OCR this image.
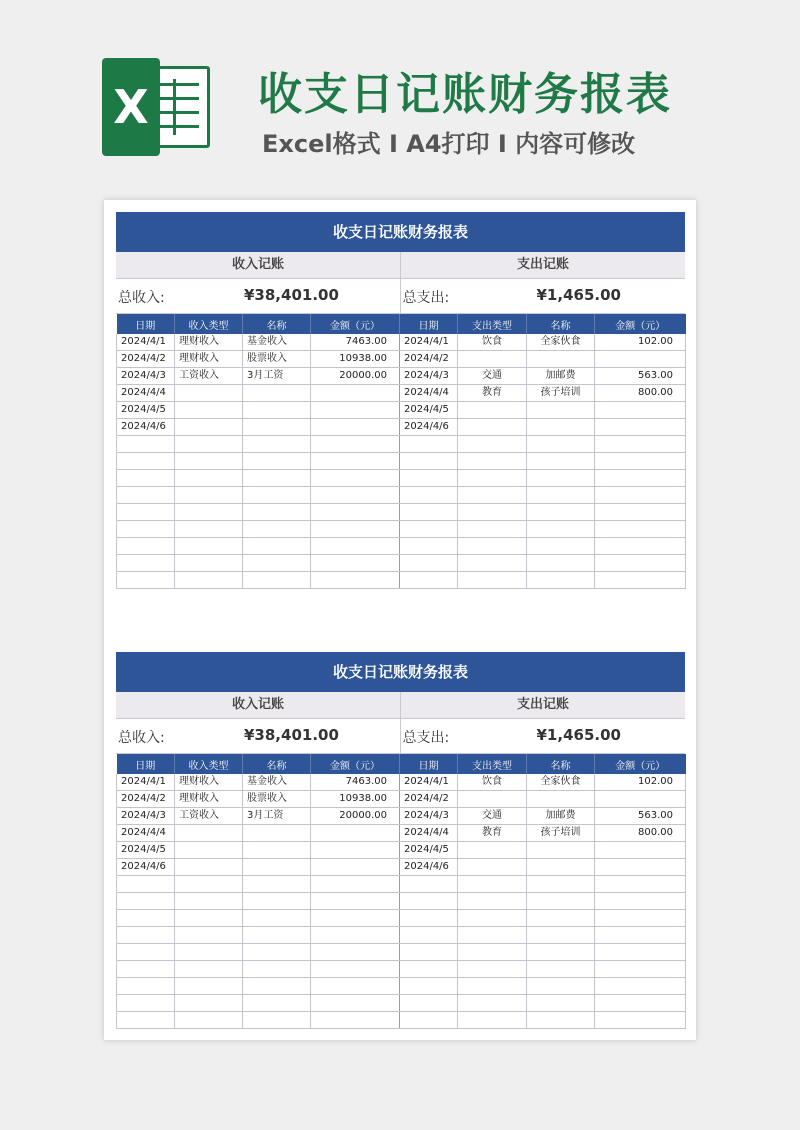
X 收支日记账财务报表
Excel格式 I A4打印 I 内容可修改
收支日记账财务报表
收入记账	支出记账
总收入:	¥38,401.00	总支出:	¥1,465.00
日期	收入类型	名称	金额（元）	日期	支出类型	名称	金额（元）
2024/4/1	理财收入	基金收入	7463.00	2024/4/1	饮食	全家伙食	102.00
2024/4/2	理财收入	股票收入	10938.00	2024/4/2			
2024/4/3	工资收入	3月工资	20000.00	2024/4/3	交通	加邮费	563.00
2024/4/4				2024/4/4	教育	孩子培训	800.00
2024/4/5				2024/4/5			
2024/4/6				2024/4/6			

收支日记账财务报表
收入记账	支出记账
总收入:	¥38,401.00	总支出:	¥1,465.00
日期	收入类型	名称	金额（元）	日期	支出类型	名称	金额（元）
2024/4/1	理财收入	基金收入	7463.00	2024/4/1	饮食	全家伙食	102.00
2024/4/2	理财收入	股票收入	10938.00	2024/4/2			
2024/4/3	工资收入	3月工资	20000.00	2024/4/3	交通	加邮费	563.00
2024/4/4				2024/4/4	教育	孩子培训	800.00
2024/4/5				2024/4/5			
2024/4/6				2024/4/6			
